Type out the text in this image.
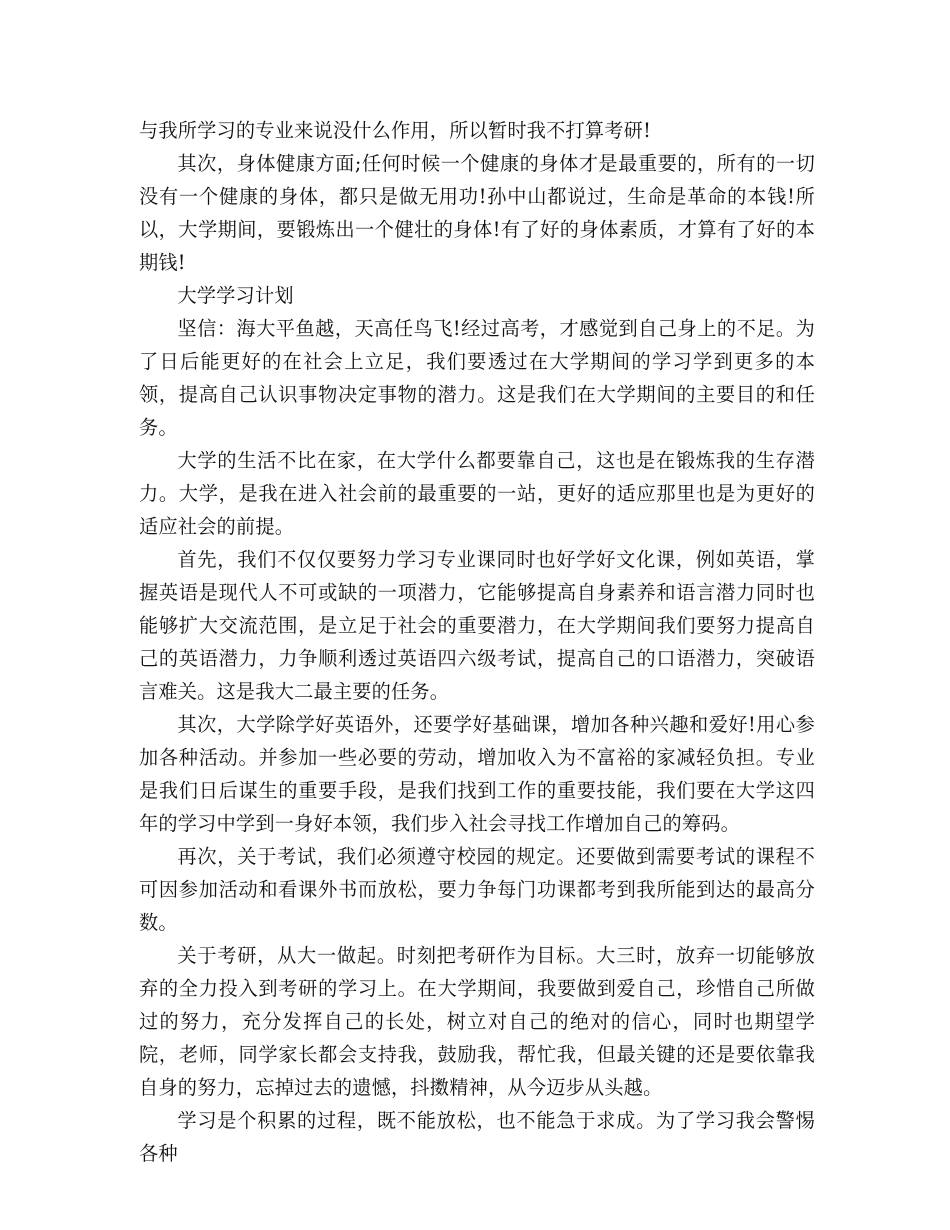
与我所学习的专业来说没什么作用，所以暂时我不打算考研!

其次，身体健康方面;任何时候一个健康的身体才是最重要的，所有的一切没有一个健康的身体，都只是做无用功!孙中山都说过，生命是革命的本钱!所以，大学期间，要锻炼出一个健壮的身体!有了好的身体素质，才算有了好的本期钱!

大学学习计划

坚信：海大平鱼越，天高任鸟飞!经过高考，才感觉到自己身上的不足。为了日后能更好的在社会上立足，我们要透过在大学期间的学习学到更多的本领，提高自己认识事物决定事物的潜力。这是我们在大学期间的主要目的和任务。

大学的生活不比在家，在大学什么都要靠自己，这也是在锻炼我的生存潜力。大学，是我在进入社会前的最重要的一站，更好的适应那里也是为更好的适应社会的前提。

首先，我们不仅仅要努力学习专业课同时也好学好文化课，例如英语，掌握英语是现代人不可或缺的一项潜力，它能够提高自身素养和语言潜力同时也能够扩大交流范围，是立足于社会的重要潜力，在大学期间我们要努力提高自己的英语潜力，力争顺利透过英语四六级考试，提高自己的口语潜力，突破语言难关。这是我大二最主要的任务。

其次，大学除学好英语外，还要学好基础课，增加各种兴趣和爱好!用心参加各种活动。并参加一些必要的劳动，增加收入为不富裕的家减轻负担。专业是我们日后谋生的重要手段，是我们找到工作的重要技能，我们要在大学这四年的学习中学到一身好本领，我们步入社会寻找工作增加自己的筹码。

再次，关于考试，我们必须遵守校园的规定。还要做到需要考试的课程不可因参加活动和看课外书而放松，要力争每门功课都考到我所能到达的最高分数。

关于考研，从大一做起。时刻把考研作为目标。大三时，放弃一切能够放弃的全力投入到考研的学习上。在大学期间，我要做到爱自己，珍惜自己所做过的努力，充分发挥自己的长处，树立对自己的绝对的信心，同时也期望学院，老师，同学家长都会支持我，鼓励我，帮忙我，但最关键的还是要依靠我自身的努力，忘掉过去的遗憾，抖擞精神，从今迈步从头越。

学习是个积累的过程，既不能放松，也不能急于求成。为了学习我会警惕各种
